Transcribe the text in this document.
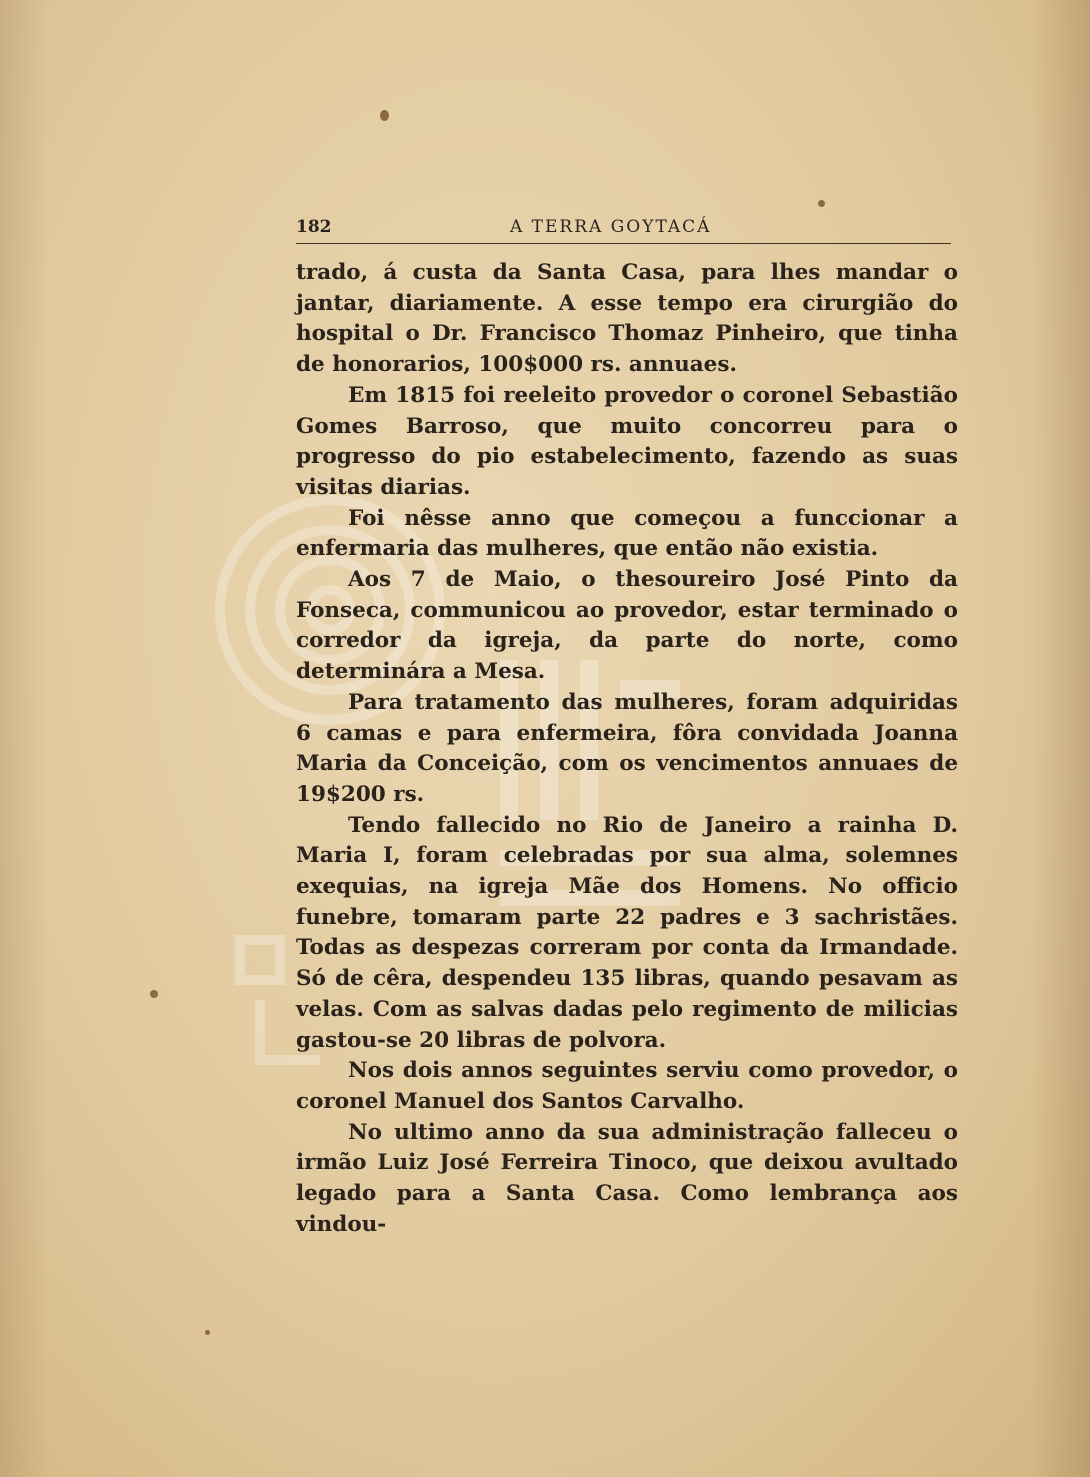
182	A TERRA GOYTACÁ

trado, á custa da Santa Casa, para lhes mandar o jantar, diariamente. A esse tempo era cirurgião do hospital o Dr. Francisco Thomaz Pinheiro, que tinha de honorarios, 100$000 rs. annuaes.

Em 1815 foi reeleito provedor o coronel Sebastião Gomes Barroso, que muito concorreu para o progresso do pio estabelecimento, fazendo as suas visitas diarias.

Foi nêsse anno que começou a funccionar a enfermaria das mulheres, que então não existia.

Aos 7 de Maio, o thesoureiro José Pinto da Fonseca, communicou ao provedor, estar terminado o corredor da igreja, da parte do norte, como determinára a Mesa.

Para tratamento das mulheres, foram adquiridas 6 camas e para enfermeira, fôra convidada Joanna Maria da Conceição, com os vencimentos annuaes de 19$200 rs.

Tendo fallecido no Rio de Janeiro a rainha D. Maria I, foram celebradas por sua alma, solemnes exequias, na igreja Mãe dos Homens. No officio funebre, tomaram parte 22 padres e 3 sachristães. Todas as despezas correram por conta da Irmandade. Só de cêra, despendeu 135 libras, quando pesavam as velas. Com as salvas dadas pelo regimento de milicias gastou-se 20 libras de polvora.

Nos dois annos seguintes serviu como provedor, o coronel Manuel dos Santos Carvalho.

No ultimo anno da sua administração falleceu o irmão Luiz José Ferreira Tinoco, que deixou avultado legado para a Santa Casa. Como lembrança aos vindou-
